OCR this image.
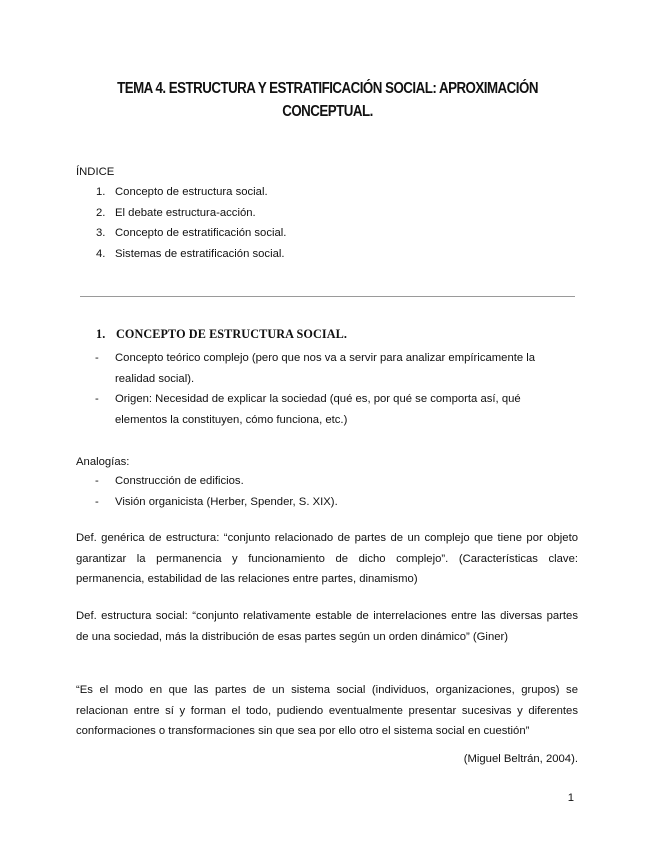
TEMA 4. ESTRUCTURA Y ESTRATIFICACIÓN SOCIAL: APROXIMACIÓN
CONCEPTUAL.
ÍNDICE
1. Concepto de estructura social.
2. El debate estructura-acción.
3. Concepto de estratificación social.
4. Sistemas de estratificación social.
1. CONCEPTO DE ESTRUCTURA SOCIAL.
-	Concepto teórico complejo (pero que nos va a servir para analizar empíricamente la realidad social).
-	Origen: Necesidad de explicar la sociedad (qué es, por qué se comporta así, qué elementos la constituyen, cómo funciona, etc.)
Analogías:
-	Construcción de edificios.
-	Visión organicista (Herber, Spender, S. XIX).

Def. genérica de estructura: “conjunto relacionado de partes de un complejo que tiene por objeto garantizar la permanencia y funcionamiento de dicho complejo”. (Características clave: permanencia, estabilidad de las relaciones entre partes, dinamismo)

Def. estructura social: “conjunto relativamente estable de interrelaciones entre las diversas partes de una sociedad, más la distribución de esas partes según un orden dinámico” (Giner)

“Es el modo en que las partes de un sistema social (individuos, organizaciones, grupos) se relacionan entre sí y forman el todo, pudiendo eventualmente presentar sucesivas y diferentes conformaciones o transformaciones sin que sea por ello otro el sistema social en cuestión”

(Miguel Beltrán, 2004).
1
